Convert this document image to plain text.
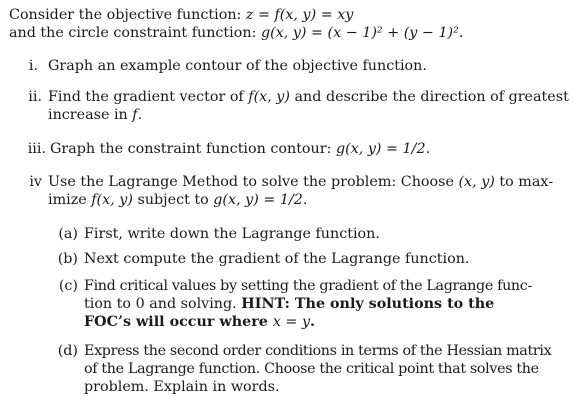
Consider the objective function: z = f(x, y) = xy
and the circle constraint function: g(x, y) = (x − 1)² + (y − 1)².
i. Graph an example contour of the objective function.
ii. Find the gradient vector of f(x, y) and describe the direction of greatest
increase in f.
iii. Graph the constraint function contour: g(x, y) = 1/2.
iv Use the Lagrange Method to solve the problem: Choose (x, y) to max-
imize f(x, y) subject to g(x, y) = 1/2.
(a) First, write down the Lagrange function.
(b) Next compute the gradient of the Lagrange function.
(c) Find critical values by setting the gradient of the Lagrange func-
tion to 0 and solving. HINT: The only solutions to the
FOC’s will occur where x = y.
(d) Express the second order conditions in terms of the Hessian matrix
of the Lagrange function. Choose the critical point that solves the
problem. Explain in words.
